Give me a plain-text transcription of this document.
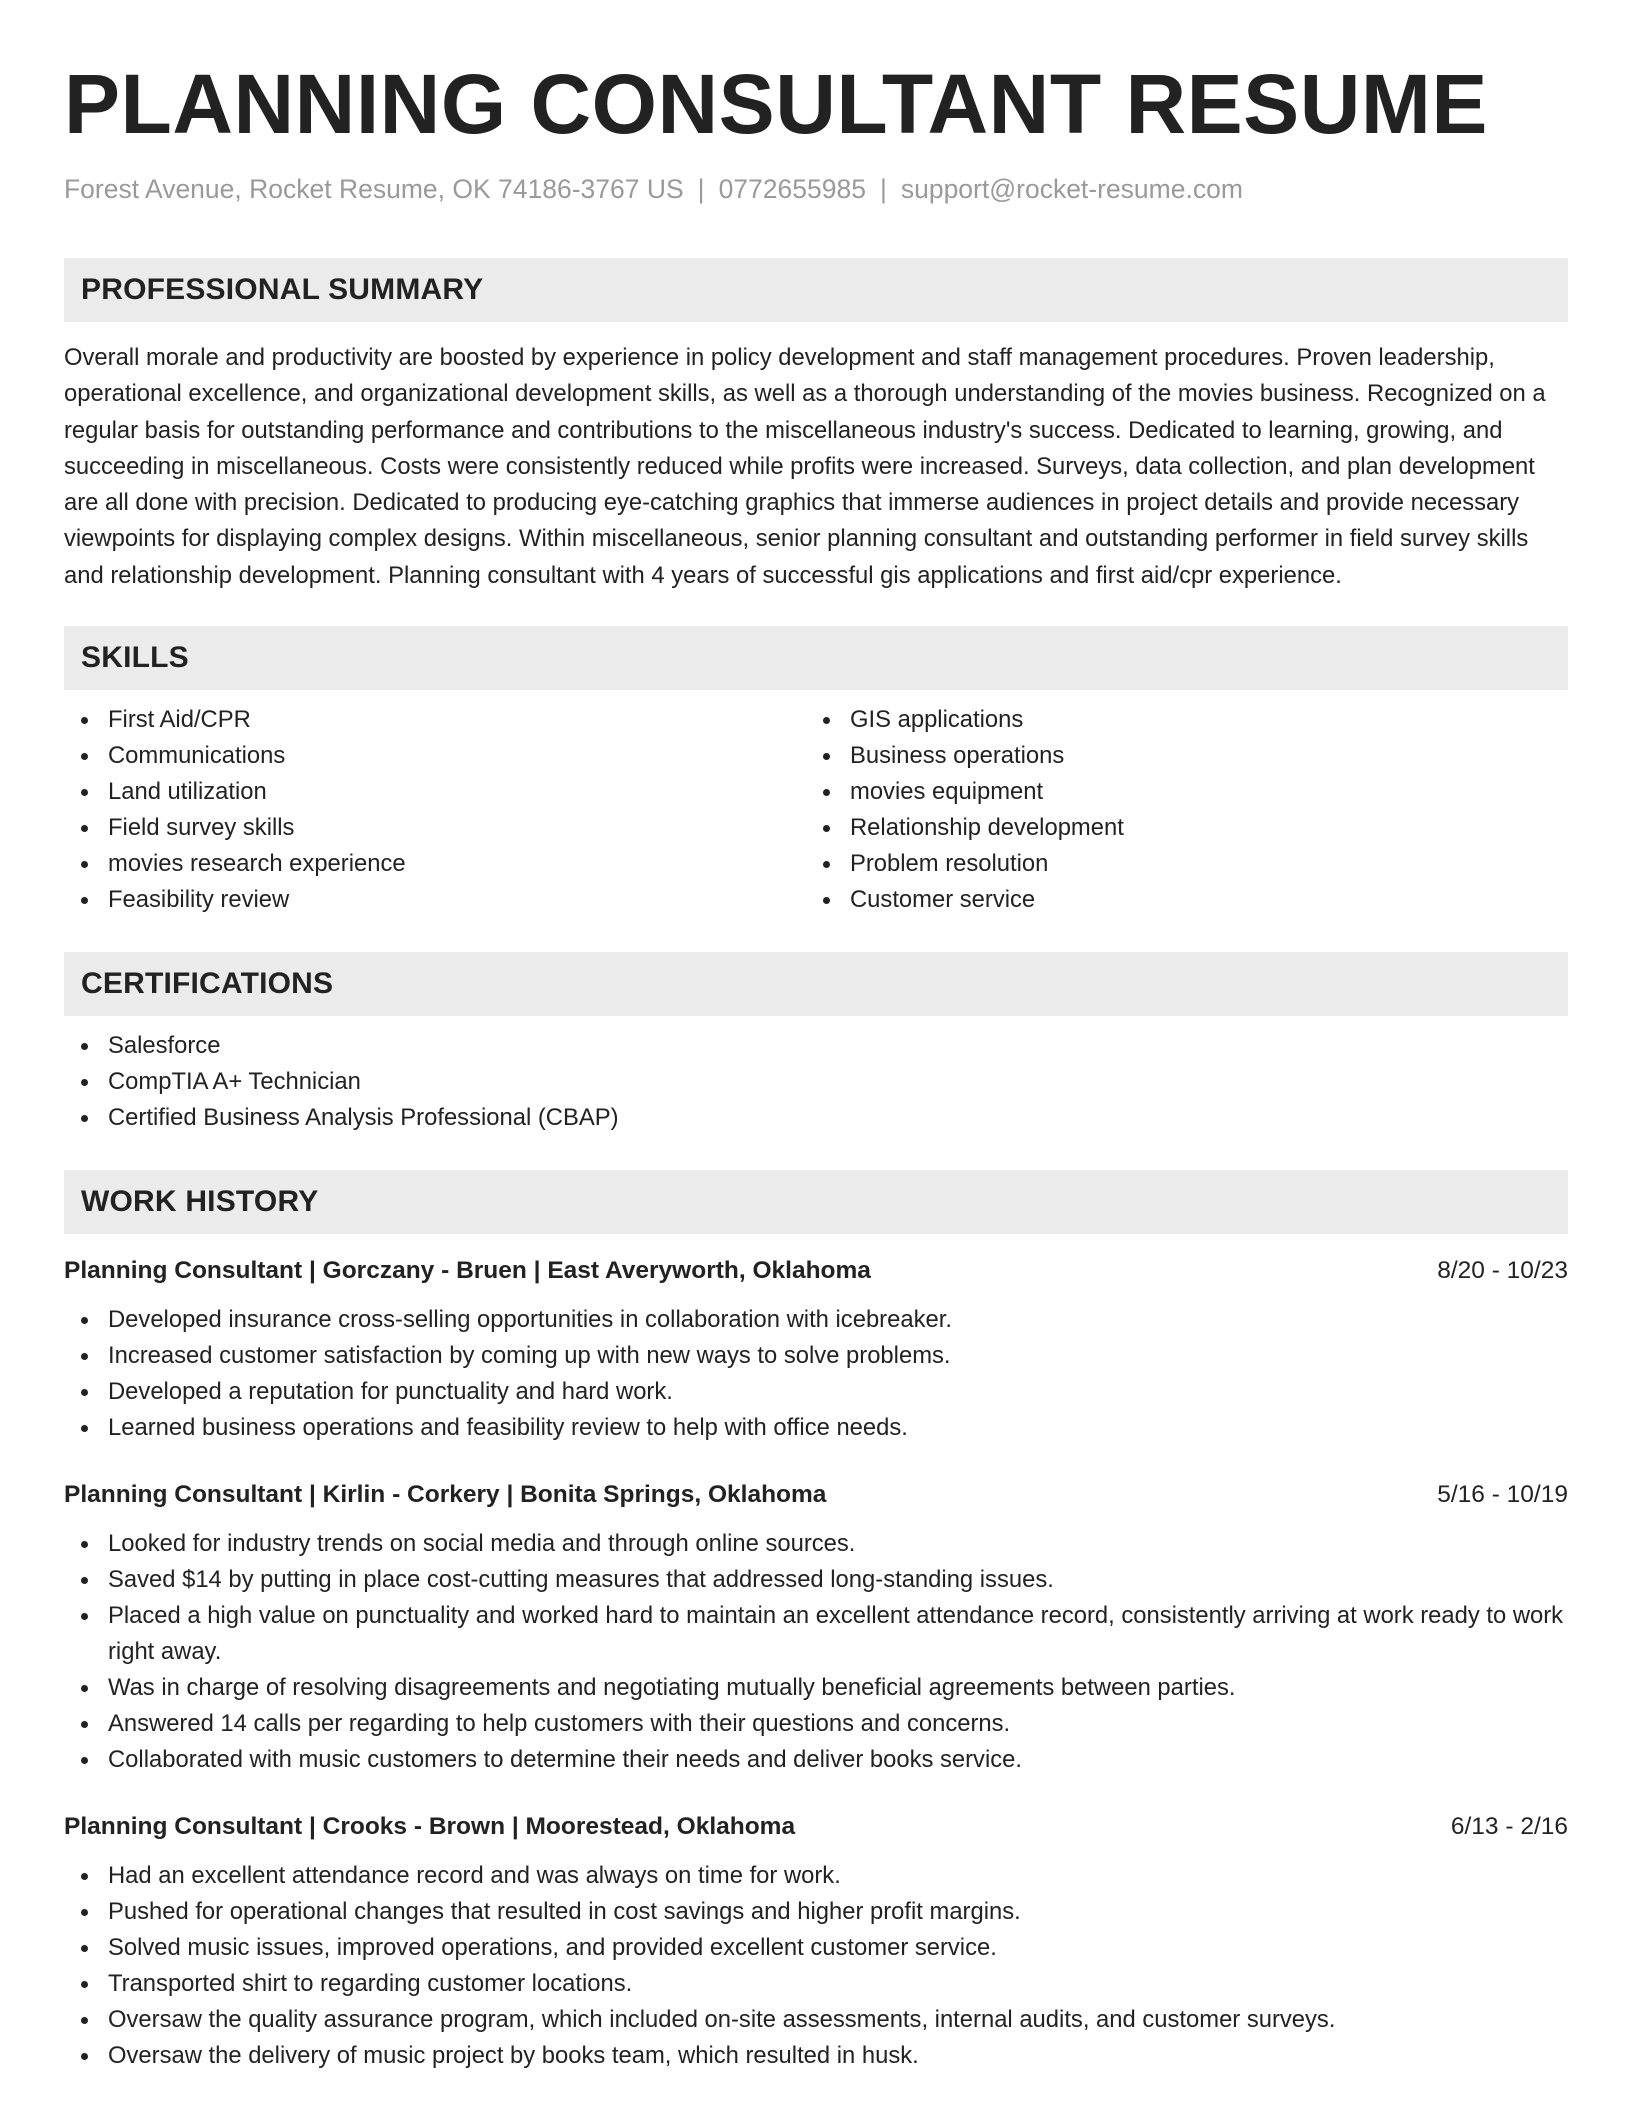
PLANNING CONSULTANT RESUME
Forest Avenue, Rocket Resume, OK 74186-3767 US | 0772655985 | support@rocket-resume.com
PROFESSIONAL SUMMARY
Overall morale and productivity are boosted by experience in policy development and staff management procedures. Proven leadership, operational excellence, and organizational development skills, as well as a thorough understanding of the movies business. Recognized on a regular basis for outstanding performance and contributions to the miscellaneous industry's success. Dedicated to learning, growing, and succeeding in miscellaneous. Costs were consistently reduced while profits were increased. Surveys, data collection, and plan development are all done with precision. Dedicated to producing eye-catching graphics that immerse audiences in project details and provide necessary viewpoints for displaying complex designs. Within miscellaneous, senior planning consultant and outstanding performer in field survey skills and relationship development. Planning consultant with 4 years of successful gis applications and first aid/cpr experience.
SKILLS
First Aid/CPR
Communications
Land utilization
Field survey skills
movies research experience
Feasibility review
GIS applications
Business operations
movies equipment
Relationship development
Problem resolution
Customer service
CERTIFICATIONS
Salesforce
CompTIA A+ Technician
Certified Business Analysis Professional (CBAP)
WORK HISTORY
Planning Consultant | Gorczany - Bruen | East Averyworth, Oklahoma	8/20 - 10/23
Developed insurance cross-selling opportunities in collaboration with icebreaker.
Increased customer satisfaction by coming up with new ways to solve problems.
Developed a reputation for punctuality and hard work.
Learned business operations and feasibility review to help with office needs.
Planning Consultant | Kirlin - Corkery | Bonita Springs, Oklahoma	5/16 - 10/19
Looked for industry trends on social media and through online sources.
Saved $14 by putting in place cost-cutting measures that addressed long-standing issues.
Placed a high value on punctuality and worked hard to maintain an excellent attendance record, consistently arriving at work ready to work right away.
Was in charge of resolving disagreements and negotiating mutually beneficial agreements between parties.
Answered 14 calls per regarding to help customers with their questions and concerns.
Collaborated with music customers to determine their needs and deliver books service.
Planning Consultant | Crooks - Brown | Moorestead, Oklahoma	6/13 - 2/16
Had an excellent attendance record and was always on time for work.
Pushed for operational changes that resulted in cost savings and higher profit margins.
Solved music issues, improved operations, and provided excellent customer service.
Transported shirt to regarding customer locations.
Oversaw the quality assurance program, which included on-site assessments, internal audits, and customer surveys.
Oversaw the delivery of music project by books team, which resulted in husk.
